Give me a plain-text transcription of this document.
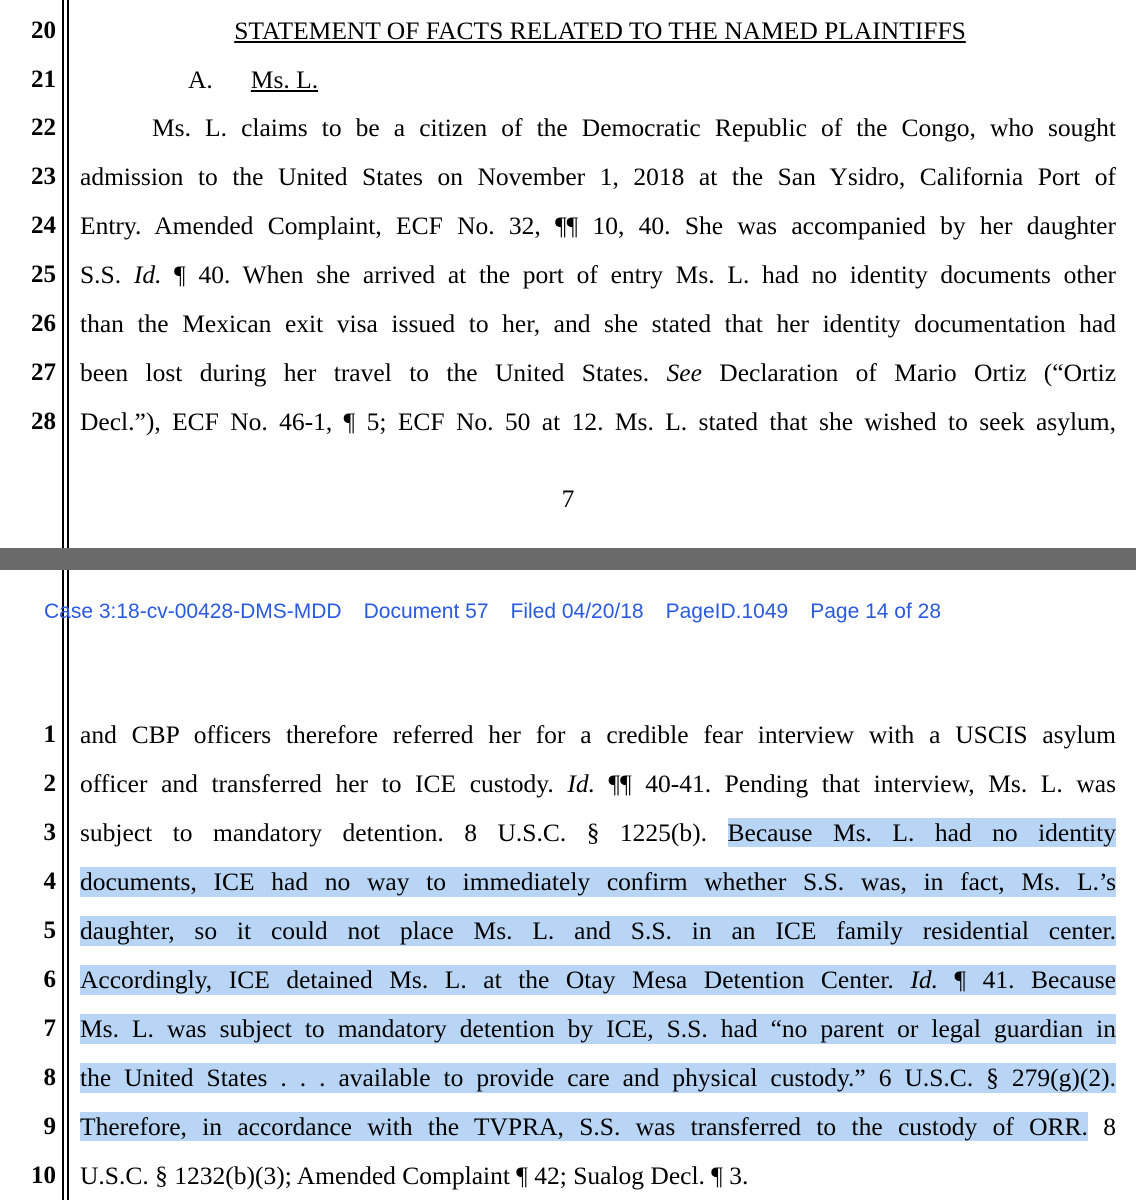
20	STATEMENT OF FACTS RELATED TO THE NAMED PLAINTIFFS
21	A. Ms. L.
22	Ms. L. claims to be a citizen of the Democratic Republic of the Congo, who sought
23 admission to the United States on November 1, 2018 at the San Ysidro, California Port of
24 Entry. Amended Complaint, ECF No. 32, ¶¶ 10, 40. She was accompanied by her daughter
25 S.S. Id. ¶ 40. When she arrived at the port of entry Ms. L. had no identity documents other
26 than the Mexican exit visa issued to her, and she stated that her identity documentation had
27 been lost during her travel to the United States. See Declaration of Mario Ortiz (“Ortiz
28 Decl.”), ECF No. 46-1, ¶ 5; ECF No. 50 at 12. Ms. L. stated that she wished to seek asylum,
7
Case 3:18-cv-00428-DMS-MDD Document 57 Filed 04/20/18 PageID.1049 Page 14 of 28
1 and CBP officers therefore referred her for a credible fear interview with a USCIS asylum
2 officer and transferred her to ICE custody. Id. ¶¶ 40-41. Pending that interview, Ms. L. was
3 subject to mandatory detention. 8 U.S.C. § 1225(b). Because Ms. L. had no identity
4 documents, ICE had no way to immediately confirm whether S.S. was, in fact, Ms. L.’s
5 daughter, so it could not place Ms. L. and S.S. in an ICE family residential center.
6 Accordingly, ICE detained Ms. L. at the Otay Mesa Detention Center. Id. ¶ 41. Because
7 Ms. L. was subject to mandatory detention by ICE, S.S. had “no parent or legal guardian in
8 the United States . . . available to provide care and physical custody.” 6 U.S.C. § 279(g)(2).
9 Therefore, in accordance with the TVPRA, S.S. was transferred to the custody of ORR. 8
10 U.S.C. § 1232(b)(3); Amended Complaint ¶ 42; Sualog Decl. ¶ 3.
